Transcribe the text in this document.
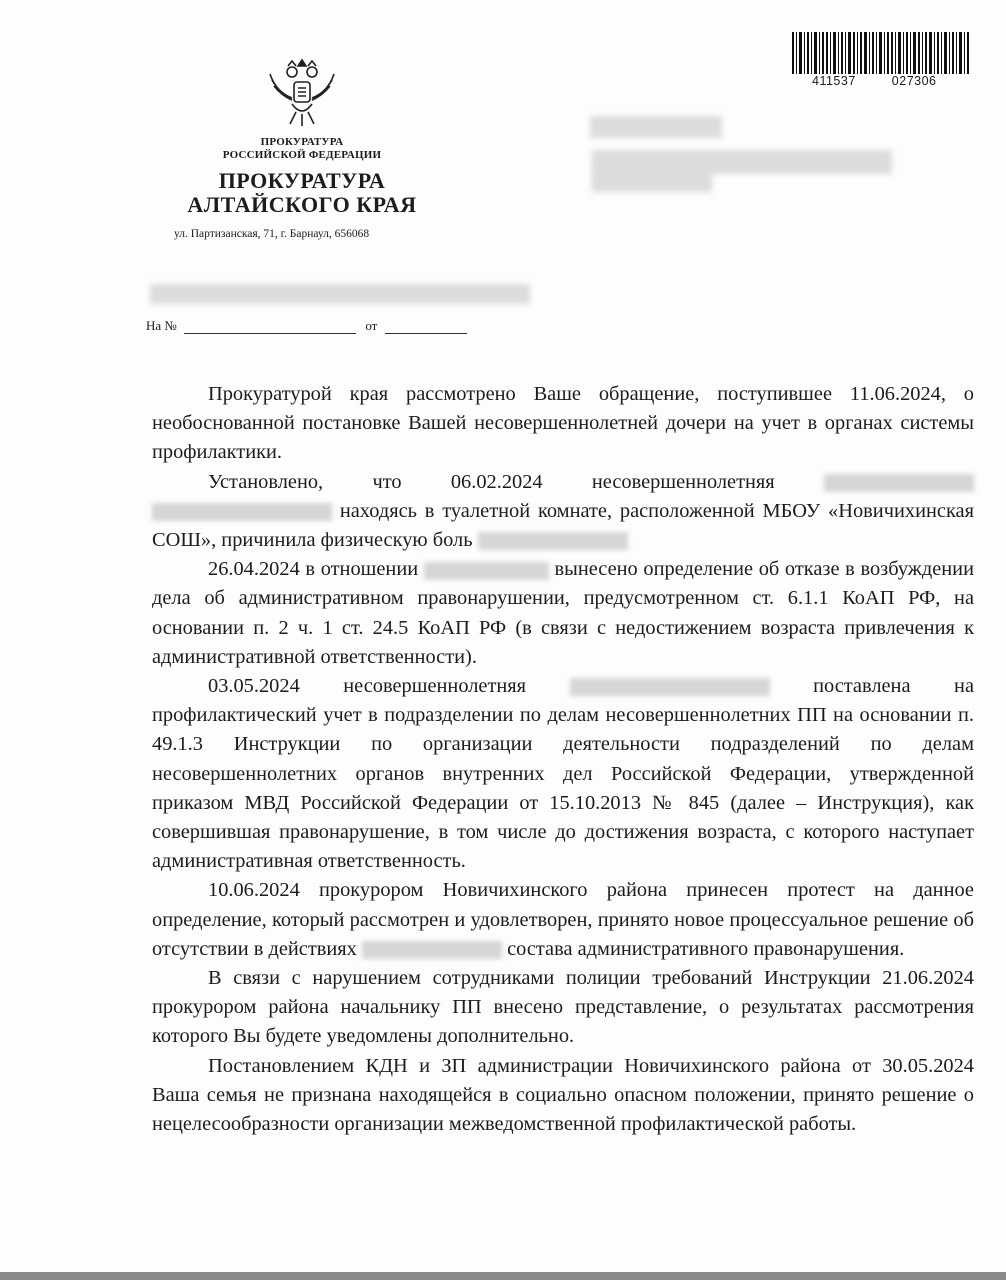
ПРОКУРАТУРА
РОССИЙСКОЙ ФЕДЕРАЦИИ
ПРОКУРАТУРА
АЛТАЙСКОГО КРАЯ
ул. Партизанская, 71, г. Барнаул, 656068
411537	027306
На №	от

Прокуратурой края рассмотрено Ваше обращение, поступившее 11.06.2024, о необоснованной постановке Вашей несовершеннолетней дочери на учет в органах системы профилактики.

Установлено, что 06.02.2024 несовершеннолетняя   находясь в туалетной комнате, расположенной МБОУ «Новичихинская СОШ», причинила физическую боль

26.04.2024 в отношении	вынесено определение об отказе в возбуждении дела об административном правонарушении, предусмотренном ст. 6.1.1 КоАП РФ, на основании п. 2 ч. 1 ст. 24.5 КоАП РФ (в связи с недостижением возраста привлечения к административной ответственности).

03.05.2024 несовершеннолетняя	поставлена на профилактический учет в подразделении по делам несовершеннолетних ПП на основании п. 49.1.3 Инструкции по организации деятельности подразделений по делам несовершеннолетних органов внутренних дел Российской Федерации, утвержденной приказом МВД Российской Федерации от 15.10.2013 № 845 (далее – Инструкция), как совершившая правонарушение, в том числе до достижения возраста, с которого наступает административная ответственность.

10.06.2024 прокурором Новичихинского района принесен протест на данное определение, который рассмотрен и удовлетворен, принято новое процессуальное решение об отсутствии в действиях	состава административного правонарушения.

В связи с нарушением сотрудниками полиции требований Инструкции 21.06.2024 прокурором района начальнику ПП внесено представление, о результатах рассмотрения которого Вы будете уведомлены дополнительно.

Постановлением КДН и ЗП администрации Новичихинского района от 30.05.2024 Ваша семья не признана находящейся в социально опасном положении, принято решение о нецелесообразности организации межведомственной профилактической работы.
